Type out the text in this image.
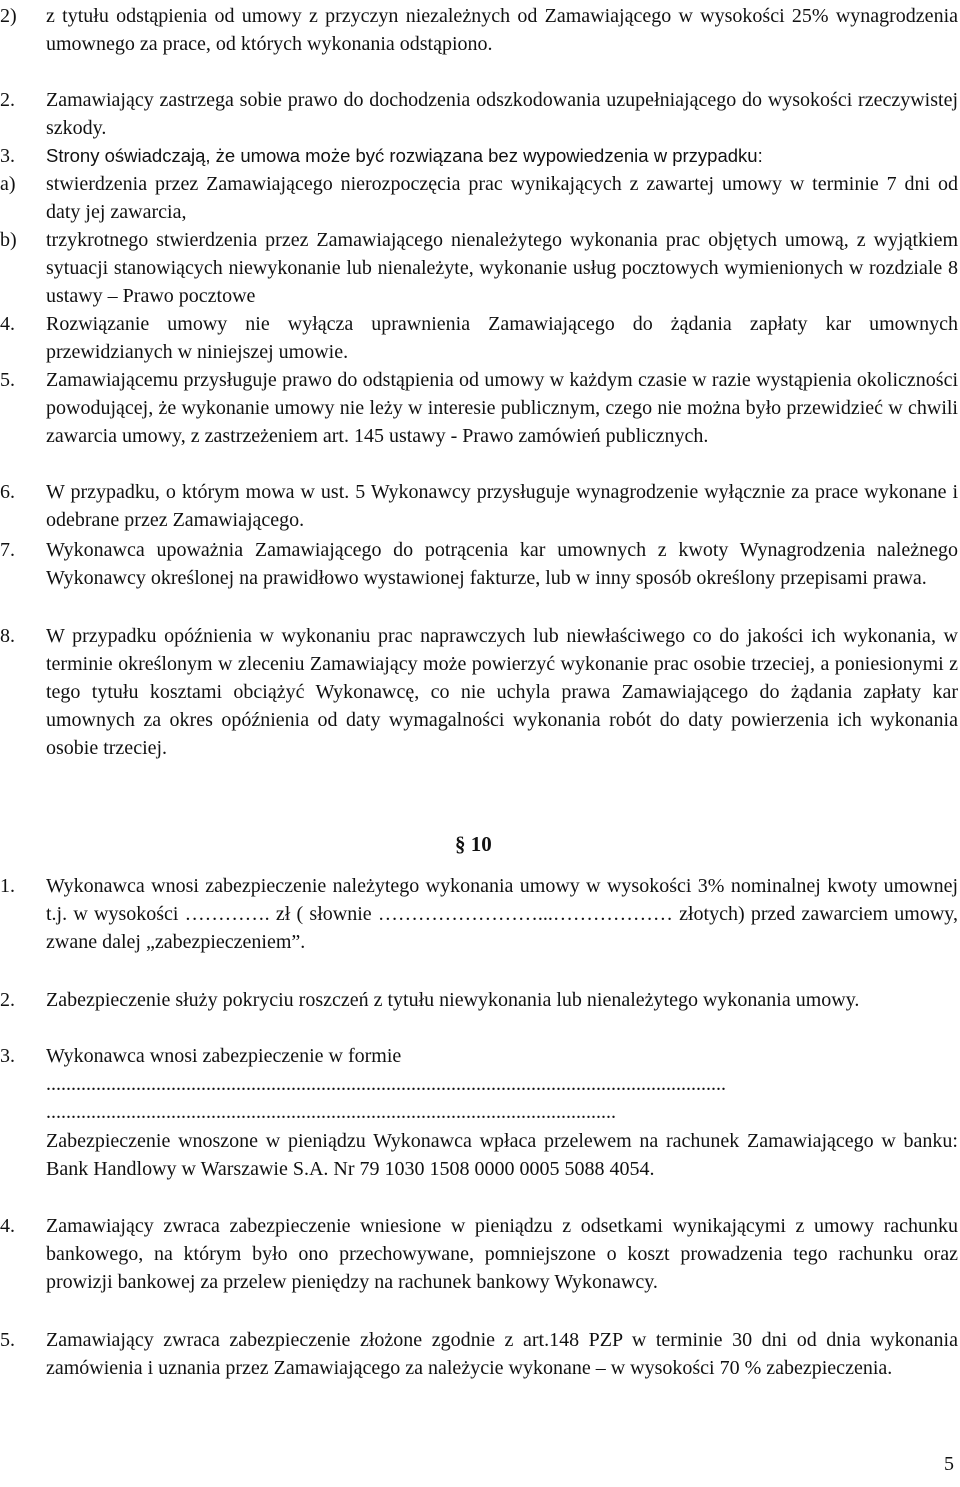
2) z tytułu odstąpienia od umowy z przyczyn niezależnych od Zamawiającego w wysokości 25% wynagrodzenia umownego za prace, od których wykonania odstąpiono.

2. Zamawiający zastrzega sobie prawo do dochodzenia odszkodowania uzupełniającego do wysokości rzeczywistej szkody.

3. Strony oświadczają, że umowa może być rozwiązana bez wypowiedzenia w przypadku:

a) stwierdzenia przez Zamawiającego nierozpoczęcia prac wynikających z zawartej umowy w terminie 7 dni od daty jej zawarcia,

b) trzykrotnego stwierdzenia przez Zamawiającego nienależytego wykonania prac objętych umową, z wyjątkiem sytuacji stanowiących niewykonanie lub nienależyte, wykonanie usług pocztowych wymienionych w rozdziale 8 ustawy – Prawo pocztowe

4. Rozwiązanie umowy nie wyłącza uprawnienia Zamawiającego do żądania zapłaty kar umownych przewidzianych w niniejszej umowie.

5. Zamawiającemu przysługuje prawo do odstąpienia od umowy w każdym czasie w razie wystąpienia okoliczności powodującej, że wykonanie umowy nie leży w interesie publicznym, czego nie można było przewidzieć w chwili zawarcia umowy, z zastrzeżeniem art. 145 ustawy - Prawo zamówień publicznych.

6. W przypadku, o którym mowa w ust. 5 Wykonawcy przysługuje wynagrodzenie wyłącznie za prace wykonane i odebrane przez Zamawiającego.

7. Wykonawca upoważnia Zamawiającego do potrącenia kar umownych z kwoty Wynagrodzenia należnego Wykonawcy określonej na prawidłowo wystawionej fakturze, lub w inny sposób określony przepisami prawa.

8. W przypadku opóźnienia w wykonaniu prac naprawczych lub niewłaściwego co do jakości ich wykonania, w terminie określonym w zleceniu Zamawiający może powierzyć wykonanie prac osobie trzeciej, a poniesionymi z tego tytułu kosztami obciążyć Wykonawcę, co nie uchyla prawa Zamawiającego do żądania zapłaty kar umownych za okres opóźnienia od daty wymagalności wykonania robót do daty powierzenia ich wykonania osobie trzeciej.

§ 10
1. Wykonawca wnosi zabezpieczenie należytego wykonania umowy w wysokości 3% nominalnej kwoty umownej t.j. w wysokości …………. zł ( słownie ……………………...……………… złotych) przed zawarciem umowy, zwane dalej „zabezpieczeniem”.

2. Zabezpieczenie służy pokryciu roszczeń z tytułu niewykonania lub nienależytego wykonania umowy.

3. Wykonawca wnosi zabezpieczenie w formie

........................................................................................................................................
..................................................................................................................

Zabezpieczenie wnoszone w pieniądzu Wykonawca wpłaca przelewem na rachunek Zamawiającego w banku: Bank Handlowy w Warszawie S.A. Nr 79 1030 1508 0000 0005 5088 4054.

4. Zamawiający zwraca zabezpieczenie wniesione w pieniądzu z odsetkami wynikającymi z umowy rachunku bankowego, na którym było ono przechowywane, pomniejszone o koszt prowadzenia tego rachunku oraz prowizji bankowej za przelew pieniędzy na rachunek bankowy Wykonawcy.

5. Zamawiający zwraca zabezpieczenie złożone zgodnie z art.148 PZP w terminie 30 dni od dnia wykonania zamówienia i uznania przez Zamawiającego za należycie wykonane – w wysokości 70 % zabezpieczenia.

5
